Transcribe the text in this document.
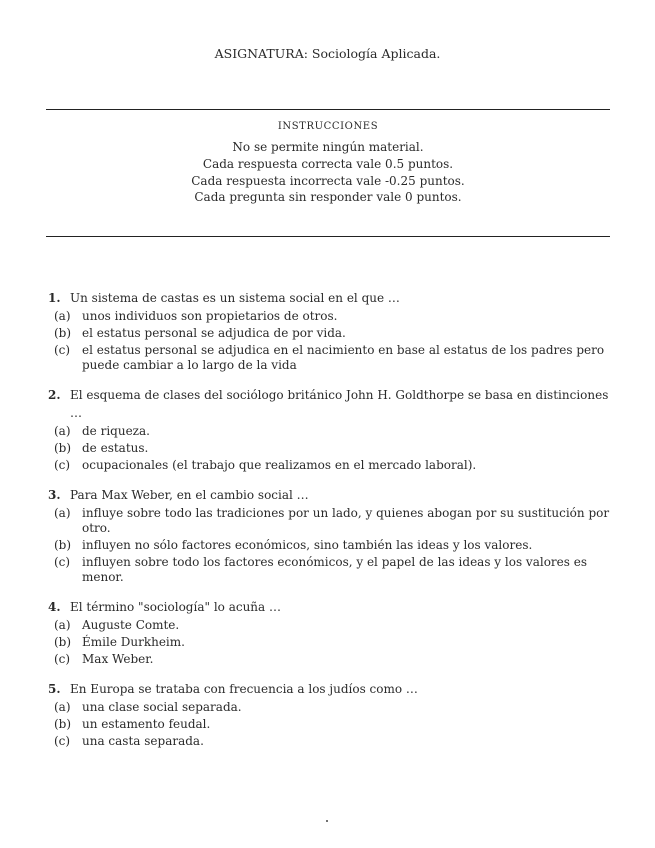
ASIGNATURA: Sociología Aplicada.
INSTRUCCIONES
No se permite ningún material.
Cada respuesta correcta vale 0.5 puntos.
Cada respuesta incorrecta vale -0.25 puntos.
Cada pregunta sin responder vale 0 puntos.
1. Un sistema de castas es un sistema social en el que …
(a) unos individuos son propietarios de otros.
(b) el estatus personal se adjudica de por vida.
(c) el estatus personal se adjudica en el nacimiento en base al estatus de los padres pero puede cambiar a lo largo de la vida
2. El esquema de clases del sociólogo británico John H. Goldthorpe se basa en distinciones …
(a) de riqueza.
(b) de estatus.
(c) ocupacionales (el trabajo que realizamos en el mercado laboral).
3. Para Max Weber, en el cambio social …
(a) influye sobre todo las tradiciones por un lado, y quienes abogan por su sustitución por otro.
(b) influyen no sólo factores económicos, sino también las ideas y los valores.
(c) influyen sobre todo los factores económicos, y el papel de las ideas y los valores es menor.
4. El término "sociología" lo acuña …
(a) Auguste Comte.
(b) Émile Durkheim.
(c) Max Weber.
5. En Europa se trataba con frecuencia a los judíos como …
(a) una clase social separada.
(b) un estamento feudal.
(c) una casta separada.
